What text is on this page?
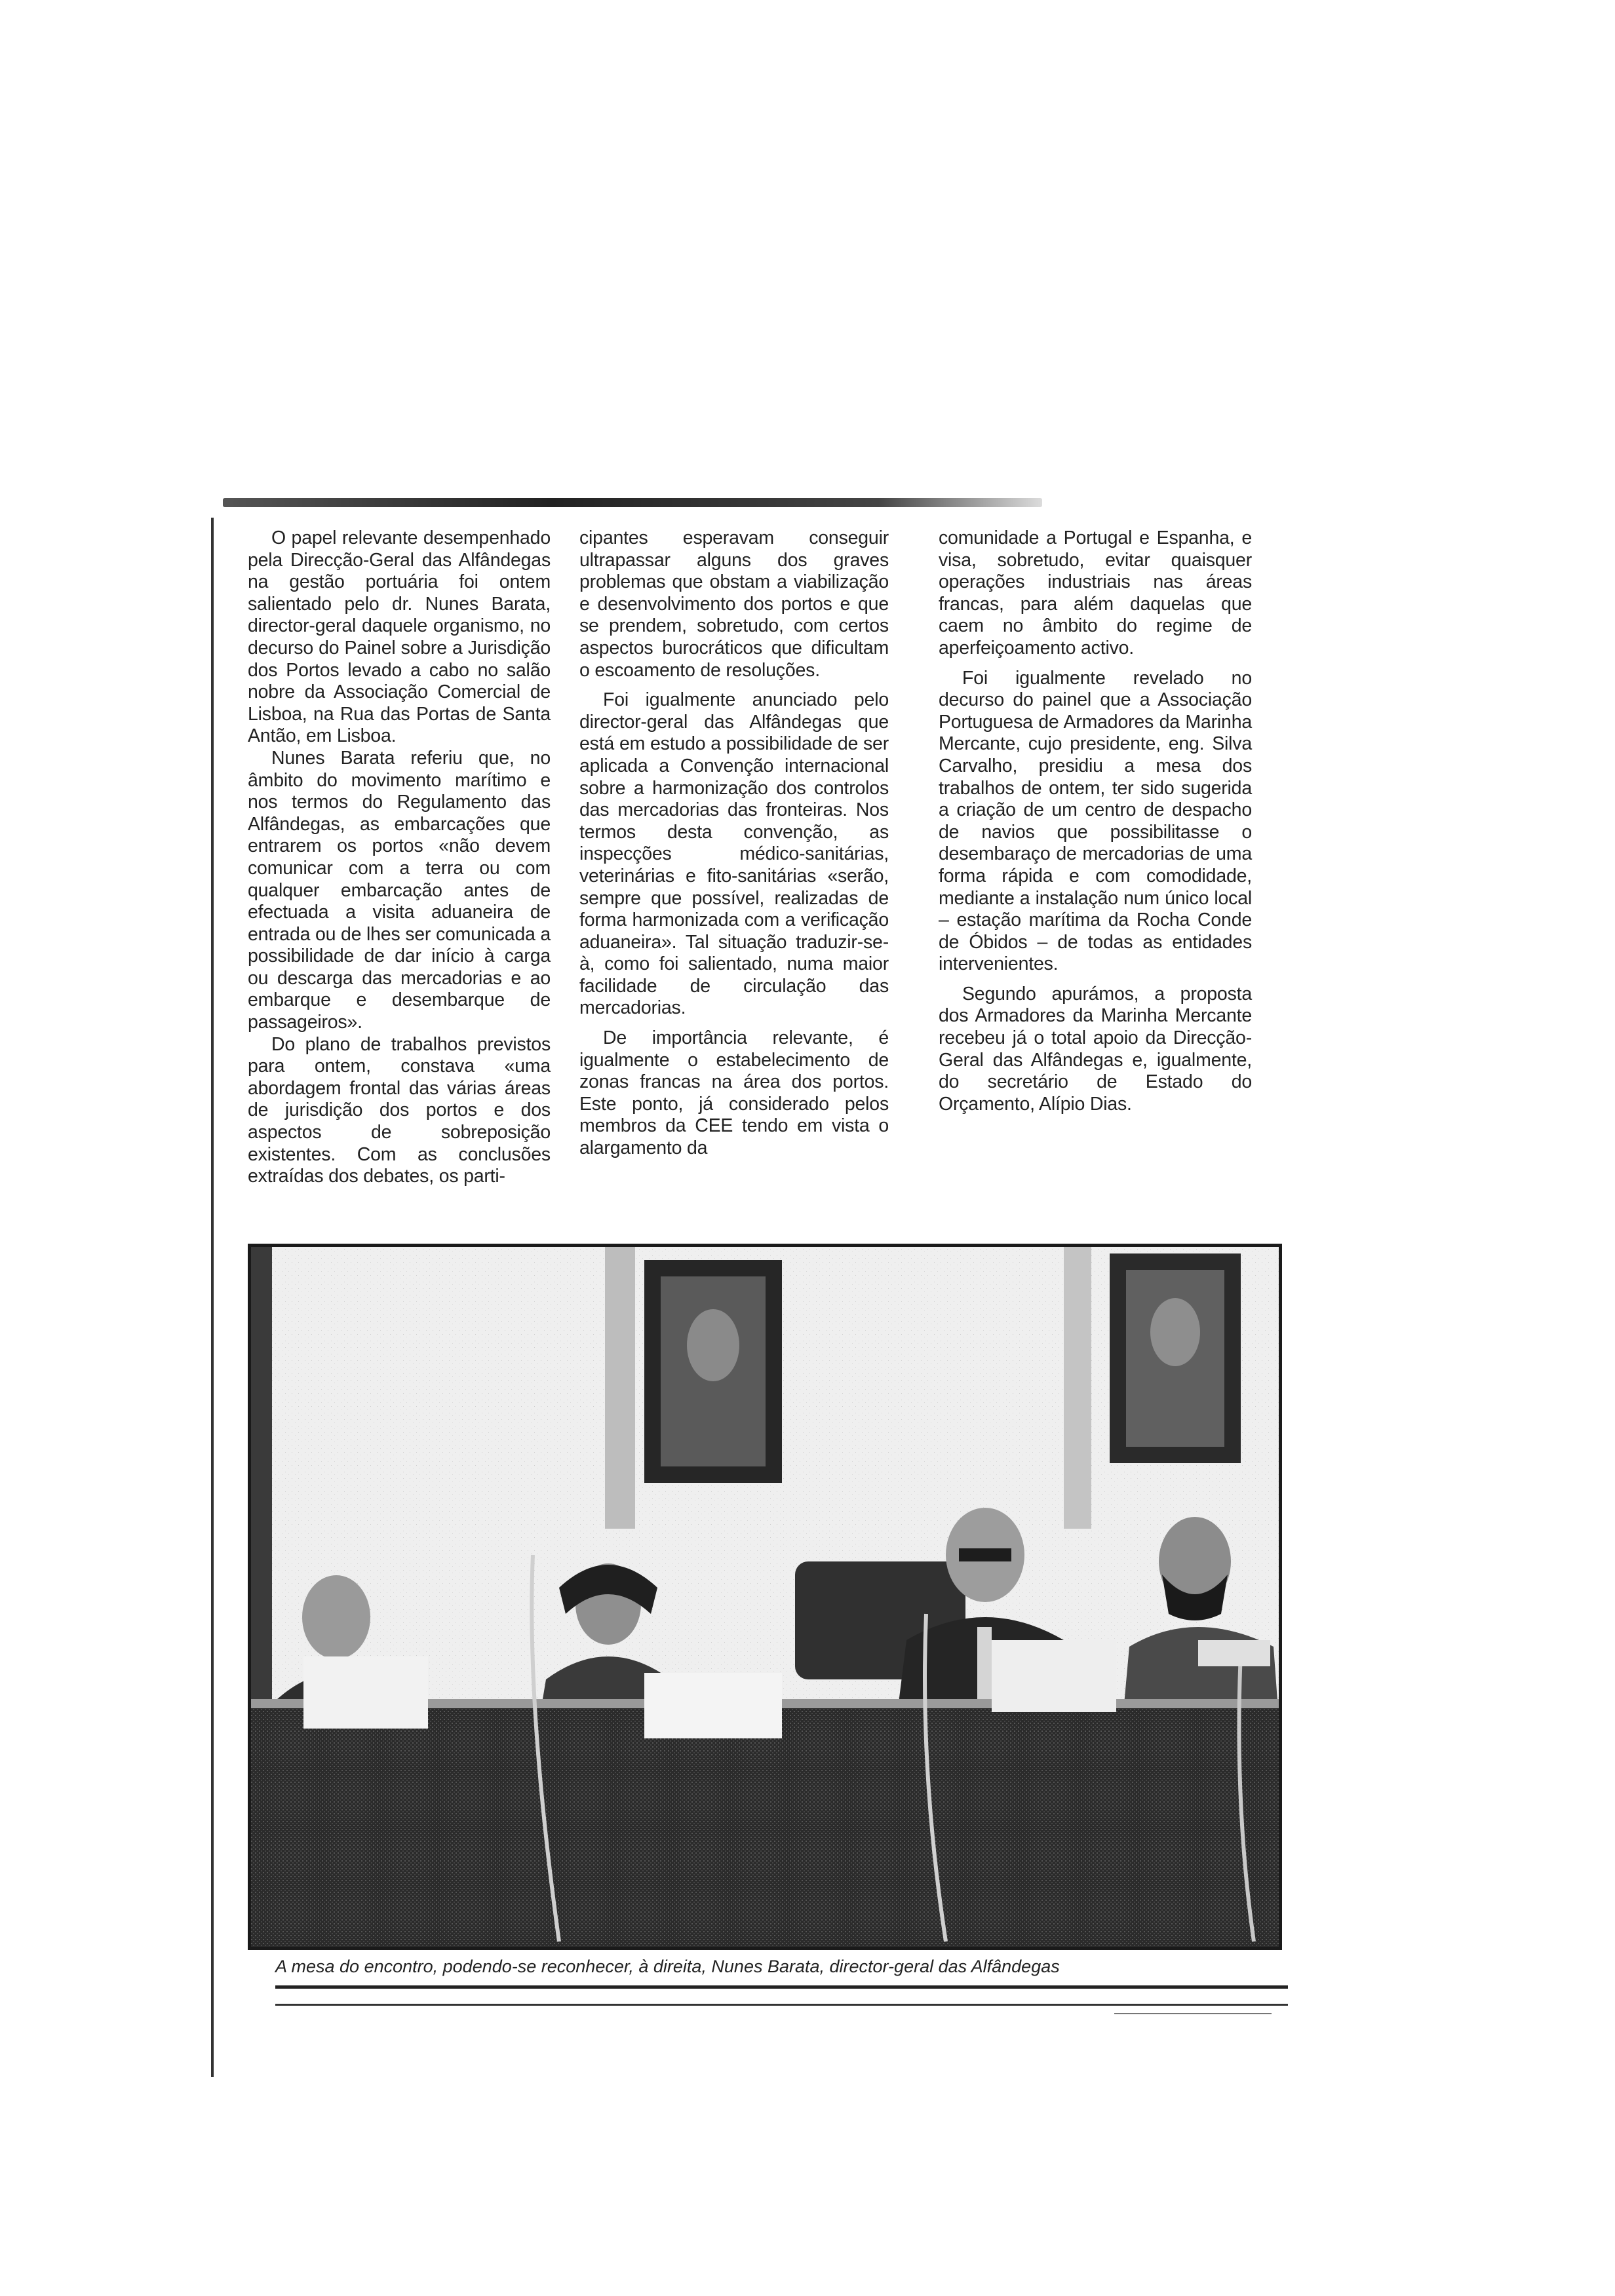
O papel relevante desempenhado pela Direcção-Geral das Alfândegas na gestão portuária foi ontem salientado pelo dr. Nunes Barata, director-geral daquele organismo, no decurso do Painel sobre a Jurisdição dos Portos levado a cabo no salão nobre da Associação Comercial de Lisboa, na Rua das Portas de Santa Antão, em Lisboa.

Nunes Barata referiu que, no âmbito do movimento marítimo e nos termos do Regulamento das Alfândegas, as embarcações que entrarem os portos «não devem comunicar com a terra ou com qualquer embarcação antes de efectuada a visita aduaneira de entrada ou de lhes ser comunicada a possibilidade de dar início à carga ou descarga das mercadorias e ao embarque e desembarque de passageiros».

Do plano de trabalhos previstos para ontem, constava «uma abordagem frontal das várias áreas de jurisdição dos portos e dos aspectos de sobreposição existentes. Com as conclusões extraídas dos debates, os parti-

cipantes esperavam conseguir ultrapassar alguns dos graves problemas que obstam a viabilização e desenvolvimento dos portos e que se prendem, sobretudo, com certos aspectos burocráticos que dificultam o escoamento de resoluções.

Foi igualmente anunciado pelo director-geral das Alfândegas que está em estudo a possibilidade de ser aplicada a Convenção internacional sobre a harmonização dos controlos das mercadorias das fronteiras. Nos termos desta convenção, as inspecções médico-sanitárias, veterinárias e fito-sanitárias «serão, sempre que possível, realizadas de forma harmonizada com a verificação aduaneira». Tal situação traduzir-se-à, como foi salientado, numa maior facilidade de circulação das mercadorias.

De importância relevante, é igualmente o estabelecimento de zonas francas na área dos portos. Este ponto, já considerado pelos membros da CEE tendo em vista o alargamento da

comunidade a Portugal e Espanha, e visa, sobretudo, evitar quaisquer operações industriais nas áreas francas, para além daquelas que caem no âmbito do regime de aperfeiçoamento activo.

Foi igualmente revelado no decurso do painel que a Associação Portuguesa de Armadores da Marinha Mercante, cujo presidente, eng. Silva Carvalho, presidiu a mesa dos trabalhos de ontem, ter sido sugerida a criação de um centro de despacho de navios que possibilitasse o desembaraço de mercadorias de uma forma rápida e com comodidade, mediante a instalação num único local – estação marítima da Rocha Conde de Óbidos – de todas as entidades intervenientes.

Segundo apurámos, a proposta dos Armadores da Marinha Mercante recebeu já o total apoio da Direcção-Geral das Alfândegas e, igualmente, do secretário de Estado do Orçamento, Alípio Dias.

A mesa do encontro, podendo-se reconhecer, à direita, Nunes Barata, director-geral das Alfândegas
